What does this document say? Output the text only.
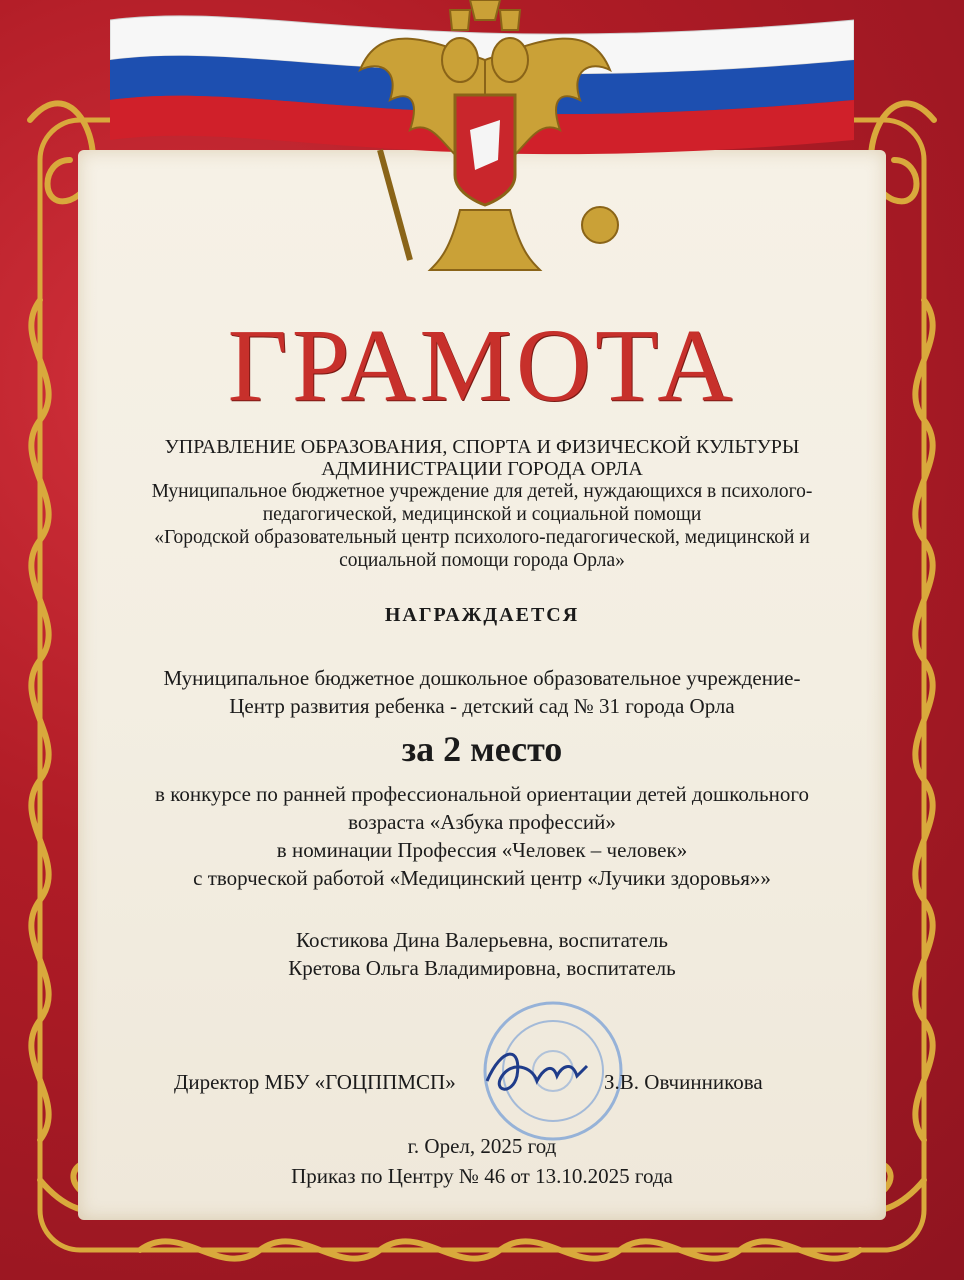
ГРАМОТА
УПРАВЛЕНИЕ ОБРАЗОВАНИЯ, СПОРТА И ФИЗИЧЕСКОЙ КУЛЬТУРЫ
АДМИНИСТРАЦИИ ГОРОДА ОРЛА
Муниципальное бюджетное учреждение для детей, нуждающихся в психолого-
педагогической, медицинской и социальной помощи
«Городской образовательный центр психолого-педагогической, медицинской и
социальной помощи города Орла»
НАГРАЖДАЕТСЯ
Муниципальное бюджетное дошкольное образовательное учреждение-
Центр развития ребенка - детский сад № 31 города Орла
за 2 место
в конкурсе по ранней профессиональной ориентации детей дошкольного
возраста «Азбука профессий»
в номинации Профессия «Человек – человек»
с творческой работой «Медицинский центр «Лучики здоровья»»
Костикова Дина Валерьевна, воспитатель
Кретова Ольга Владимировна, воспитатель
Директор МБУ «ГОЦППМСП»	З.В. Овчинникова
г. Орел, 2025 год
Приказ по Центру № 46 от 13.10.2025 года
